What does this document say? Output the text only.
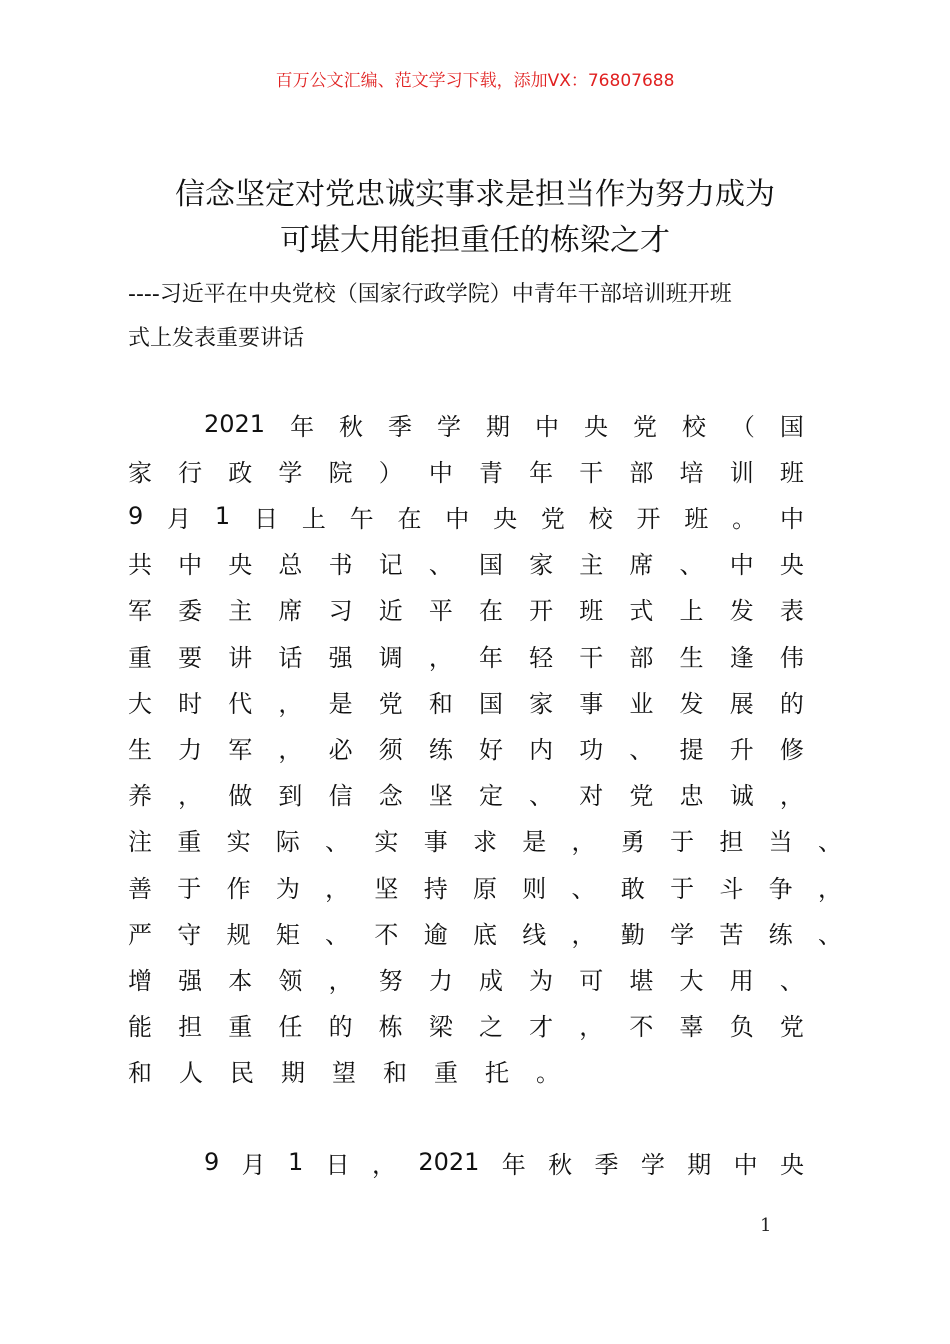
百万公文汇编、范文学习下载，添加VX：76807688
信念坚定对党忠诚实事求是担当作为努力成为
可堪大用能担重任的栋梁之才
----习近平在中央党校（国家行政学院）中青年干部培训班开班
式上发表重要讲话
2021 年 秋 季 学 期 中 央 党 校 （ 国
家 行 政 学 院 ） 中 青 年 干 部 培 训 班
9 月 1 日 上 午 在 中 央 党 校 开 班 。 中
共 中 央 总 书 记 、 国 家 主 席 、 中 央
军 委 主 席 习 近 平 在 开 班 式 上 发 表
重 要 讲 话 强 调 ， 年 轻 干 部 生 逢 伟
大 时 代 ， 是 党 和 国 家 事 业 发 展 的
生 力 军 ， 必 须 练 好 内 功 、 提 升 修
养 ， 做 到 信 念 坚 定 、 对 党 忠 诚 ，
注 重 实 际 、 实 事 求 是 ， 勇 于 担 当 、
善 于 作 为 ， 坚 持 原 则 、 敢 于 斗 争 ，
严 守 规 矩 、 不 逾 底 线 ， 勤 学 苦 练 、
增 强 本 领 ， 努 力 成 为 可 堪 大 用 、
能 担 重 任 的 栋 梁 之 才 ， 不 辜 负 党
和 人 民 期 望 和 重 托 。
9 月 1 日 ， 2021 年 秋 季 学 期 中 央
1
